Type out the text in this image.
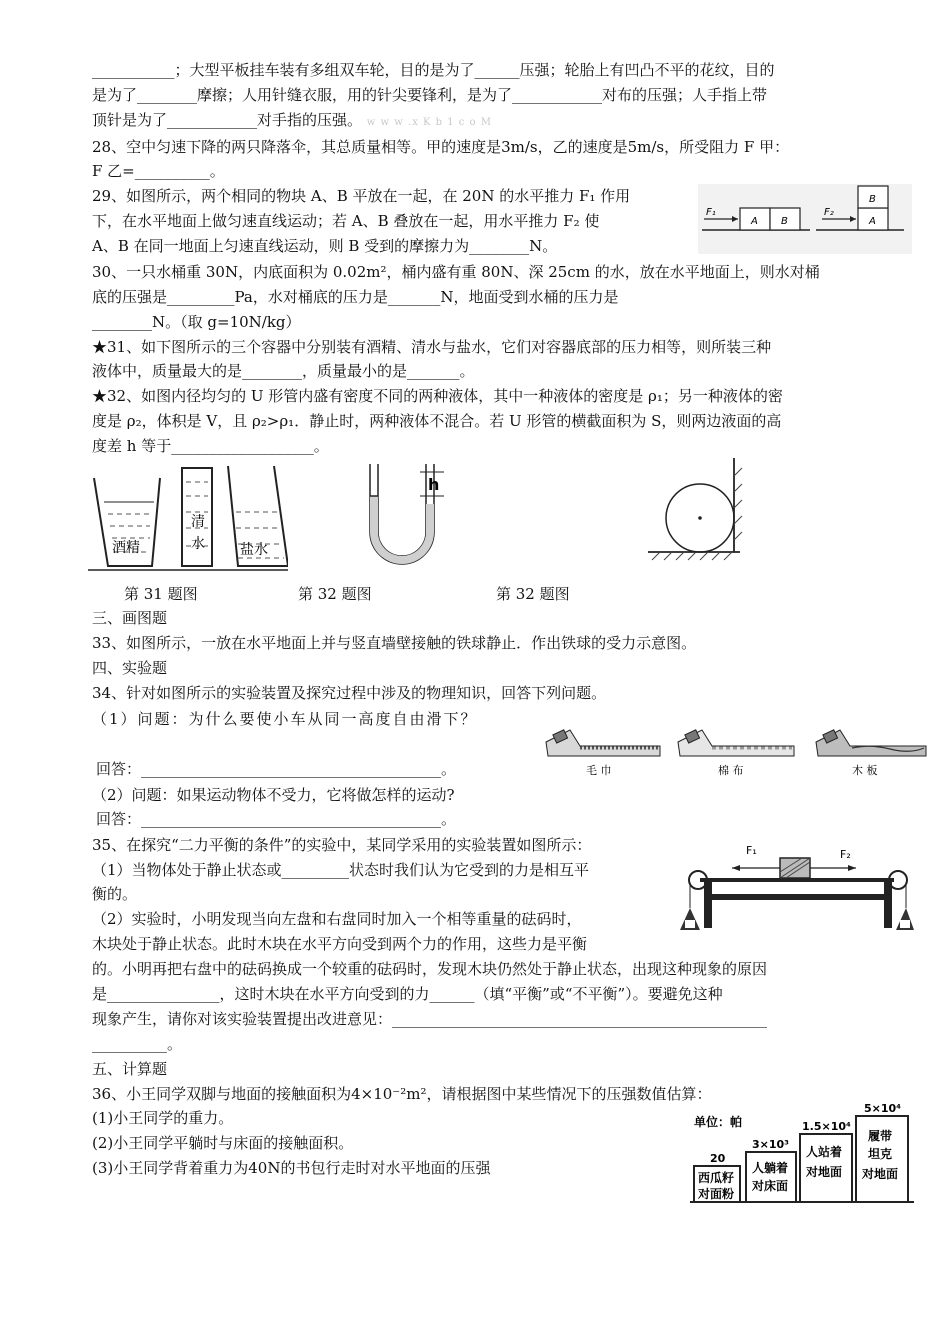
___________；大型平板挂车装有多组双车轮，目的是为了______压强；轮胎上有凹凸不平的花纹，目的
是为了________摩擦；人用针缝衣服，用的针尖要锋利，是为了____________对布的压强；人手指上带
顶针是为了____________对手指的压强。 w w w .x K b 1 c o M
28、空中匀速下降的两只降落伞，其总质量相等。甲的速度是3m/s，乙的速度是5m/s，所受阻力 F 甲：
F 乙=__________。
29、如图所示，两个相同的物块 A、B 平放在一起，在 20N 的水平推力 F₁ 作用
下，在水平地面上做匀速直线运动；若 A、B 叠放在一起，用水平推力 F₂ 使
A、B 在同一地面上匀速直线运动，则 B 受到的摩擦力为________N。
30、一只水桶重 30N，内底面积为 0.02m²，桶内盛有重 80N、深 25cm 的水，放在水平地面上，则水对桶
底的压强是_________Pa，水对桶底的压力是_______N，地面受到水桶的压力是
________N。（取 g=10N/kg）
★31、如下图所示的三个容器中分别装有酒精、清水与盐水，它们对容器底部的压力相等，则所装三种
液体中，质量最大的是________，质量最小的是_______。
★32、如图内径均匀的 U 形管内盛有密度不同的两种液体，其中一种液体的密度是 ρ₁；另一种液体的密
度是 ρ₂，体积是 V，且 ρ₂>ρ₁．静止时，两种液体不混合。若 U 形管的横截面积为 S，则两边液面的高
度差 h 等于___________________。
酒精
清
水	盐水
h
第 31 题图	第 32 题图	第 32 题图
三、画图题
33、如图所示，一放在水平地面上并与竖直墙壁接触的铁球静止．作出铁球的受力示意图。
四、实验题
34、针对如图所示的实验装置及探究过程中涉及的物理知识，回答下列问题。
（1）问题：为什么要使小车从同一高度自由滑下？
回答：________________________________________。
（2）问题：如果运动物体不受力，它将做怎样的运动?
回答：________________________________________。
35、在探究“二力平衡的条件”的实验中，某同学采用的实验装置如图所示：
（1）当物体处于静止状态或_________状态时我们认为它受到的力是相互平
衡的。
（2）实验时，小明发现当向左盘和右盘同时加入一个相等重量的砝码时，
木块处于静止状态。此时木块在水平方向受到两个力的作用，这些力是平衡
的。小明再把右盘中的砝码换成一个较重的砝码时，发现木块仍然处于静止状态，出现这种现象的原因
是_______________，这时木块在水平方向受到的力______（填“平衡”或“不平衡”）。要避免这种
现象产生，请你对该实验装置提出改进意见：__________________________________________________
__________。
五、计算题
36、小王同学双脚与地面的接触面积为4×10⁻²m²，请根据图中某些情况下的压强数值估算：
(1)小王同学的重力。
(2)小王同学平躺时与床面的接触面积。
(3)小王同学背着重力为40N的书包行走时对水平地面的压强
F₁	F₂
A B	A
B
毛 巾	棉 布	木 板
F₁	F₂
单位：帕
20
3×10³
1.5×10⁴
5×10⁴
西瓜籽
对面粉
人躺着
对床面
人站着
对地面
履带
坦克
对地面
